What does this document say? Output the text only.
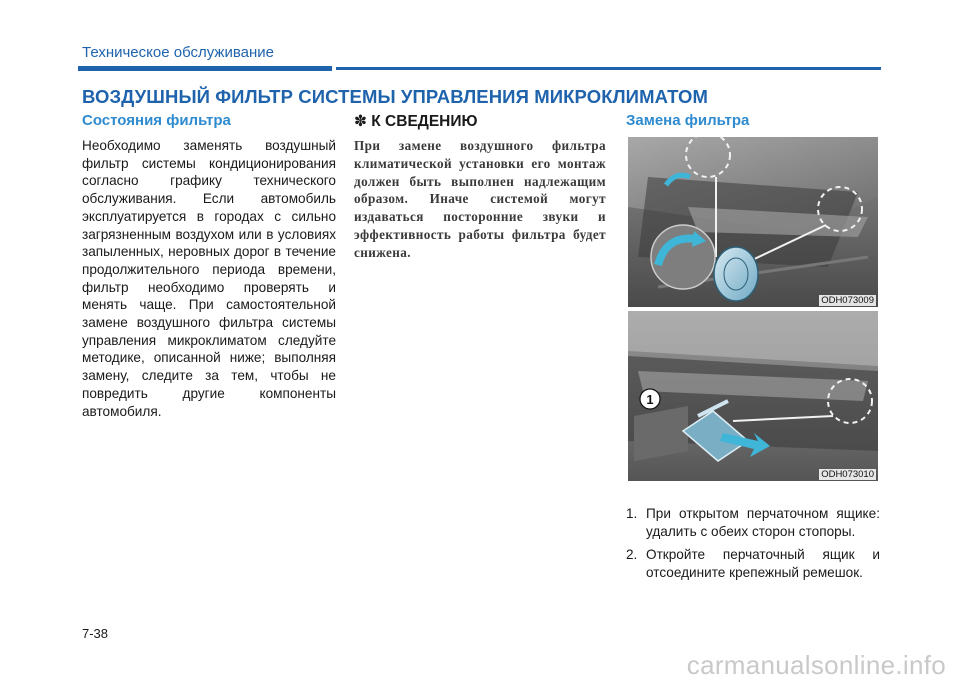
Техническое обслуживание
ВОЗДУШНЫЙ ФИЛЬТР СИСТЕМЫ УПРАВЛЕНИЯ МИКРОКЛИМАТОМ
Состояния фильтра

Необходимо заменять воздушный фильтр системы кондиционирования согласно графику технического обслуживания. Если автомобиль эксплуатируется в городах с сильно загрязненным воздухом или в условиях запыленных, неровных дорог в течение продолжительного периода времени, фильтр необходимо проверять и менять чаще. При самостоятельной замене воздушного фильтра системы управления микроклиматом следуйте методике, описанной ниже; выполняя замену, следите за тем, чтобы не повредить другие компоненты автомобиля.

✽ К СВЕДЕНИЮ

При замене воздушного фильтра климатической установки его монтаж должен быть выполнен надлежащим образом. Иначе системой могут издаваться посторонние звуки и эффективность работы фильтра будет снижена.

Замена фильтра
ODH073009
1
ODH073010
1. При открытом перчаточном ящике: удалить с обеих сторон стопоры.
2. Откройте перчаточный ящик и отсоедините крепежный ремешок.
7-38
carmanualsonline.info
